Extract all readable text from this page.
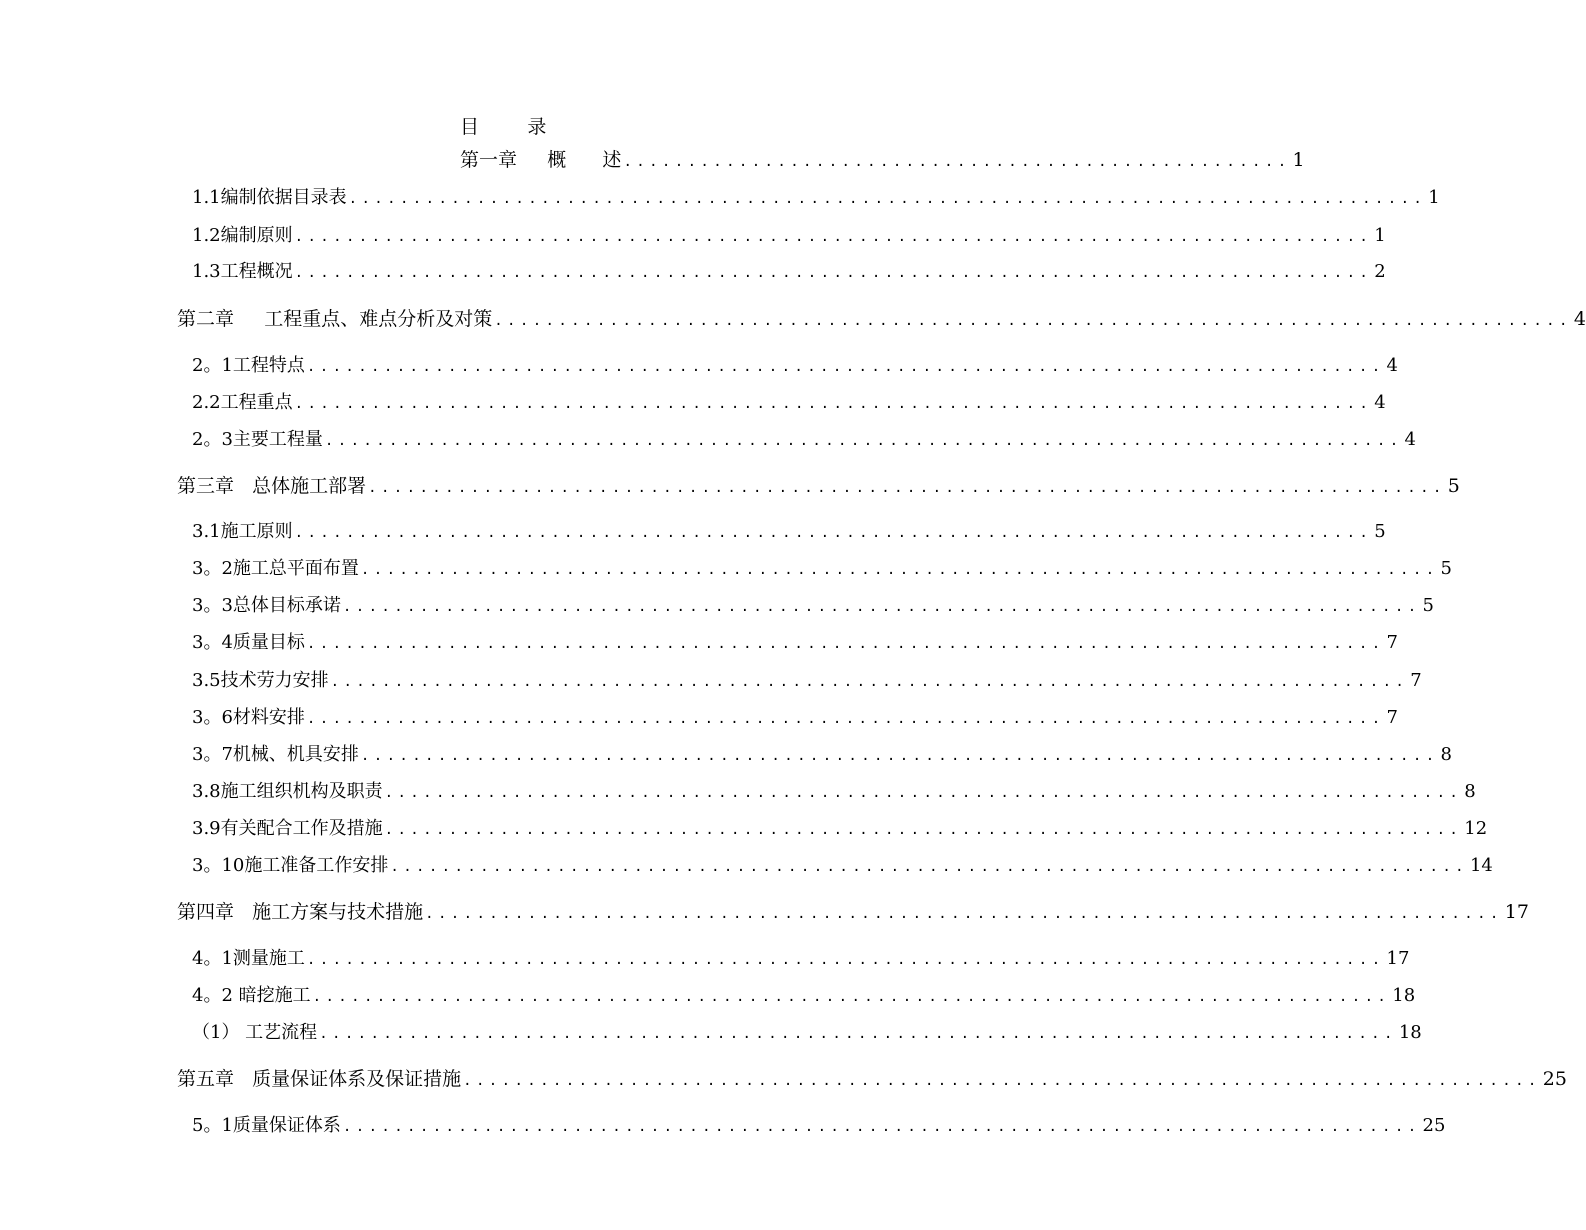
目        录
第一章     概      述 .................................................... 1
1.1编制依据目录表 .................................................................................... 1
1.2编制原则 .................................................................................... 1
1.3工程概况 .................................................................................... 2
第二章     工程重点、难点分析及对策 .................................................................................... 4
2。1工程特点 .................................................................................... 4
2.2工程重点 .................................................................................... 4
2。3主要工程量 .................................................................................... 4
第三章   总体施工部署 .................................................................................... 5
3.1施工原则 .................................................................................... 5
3。2施工总平面布置 .................................................................................... 5
3。3总体目标承诺 .................................................................................... 5
3。4质量目标 .................................................................................... 7
3.5技术劳力安排 .................................................................................... 7
3。6材料安排 .................................................................................... 7
3。7机械、机具安排 .................................................................................... 8
3.8施工组织机构及职责 .................................................................................... 8
3.9有关配合工作及措施 .................................................................................... 12
3。10施工准备工作安排 .................................................................................... 14
第四章   施工方案与技术措施 .................................................................................... 17
4。1测量施工 .................................................................................... 17
4。2 暗挖施工 .................................................................................... 18
（1） 工艺流程 .................................................................................... 18
第五章   质量保证体系及保证措施 .................................................................................... 25
5。1质量保证体系 .................................................................................... 25
